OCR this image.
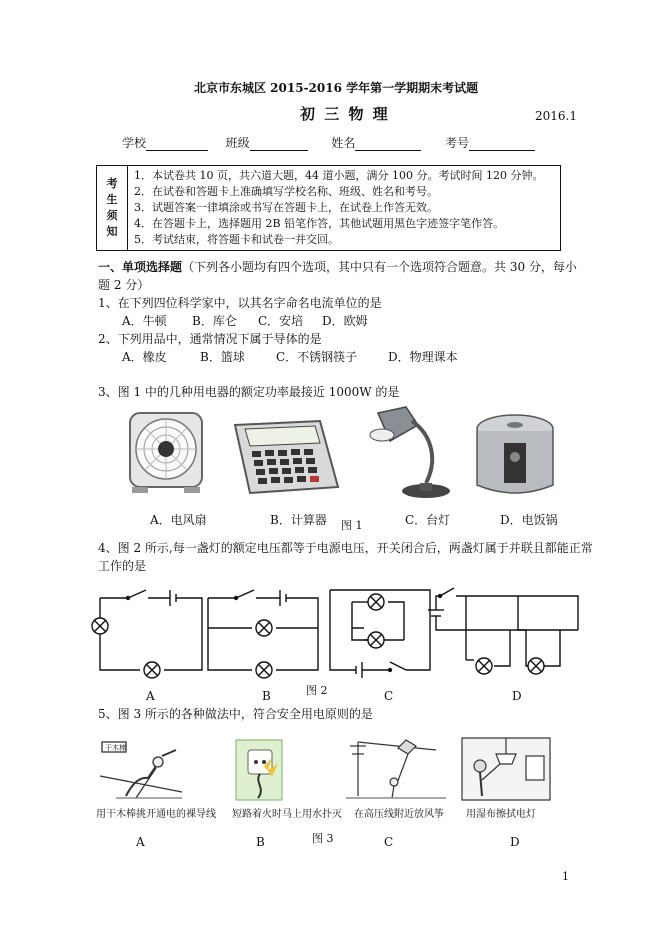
北京市东城区 2015-2016 学年第一学期期末考试题
初 三 物 理	2016.1
学校	班级	姓名	考号
考
生
须
知

1．本试卷共 10 页，共六道大题，44 道小题，满分 100 分。考试时间 120 分钟。
2．在试卷和答题卡上准确填写学校名称、班级、姓名和考号。
3．试题答案一律填涂或书写在答题卡上，在试卷上作答无效。
4．在答题卡上，选择题用 2B 铅笔作答，其他试题用黑色字迹签字笔作答。
5．考试结束，将答题卡和试卷一并交回。
一、单项选择题（下列各小题均有四个选项，其中只有一个选项符合题意。共 30 分，每小
题 2 分）
1、在下列四位科学家中，以其名字命名电流单位的是
A．牛顿 B．库仑 C．安培 D．欧姆
2、下列用品中，通常情况下属于导体的是
A．橡皮	B．篮球	C．不锈钢筷子	D．物理课本
3、图 1 中的几种用电器的额定功率最接近 1000W 的是
A．电风扇	B．计算器 图 1	C．台灯	D．电饭锅
4、图 2 所示,每一盏灯的额定电压都等于电源电压，开关闭合后，两盏灯属于并联且都能正常
工作的是
A	B	图 2	C	D
5、图 3 所示的各种做法中，符合安全用电原则的是
干木棒
用干木棒挑开通电的裸导线 短路着火时马上用水扑灭 在高压线附近放风筝 用湿布擦拭电灯
A	B	图 3	C	D
1
